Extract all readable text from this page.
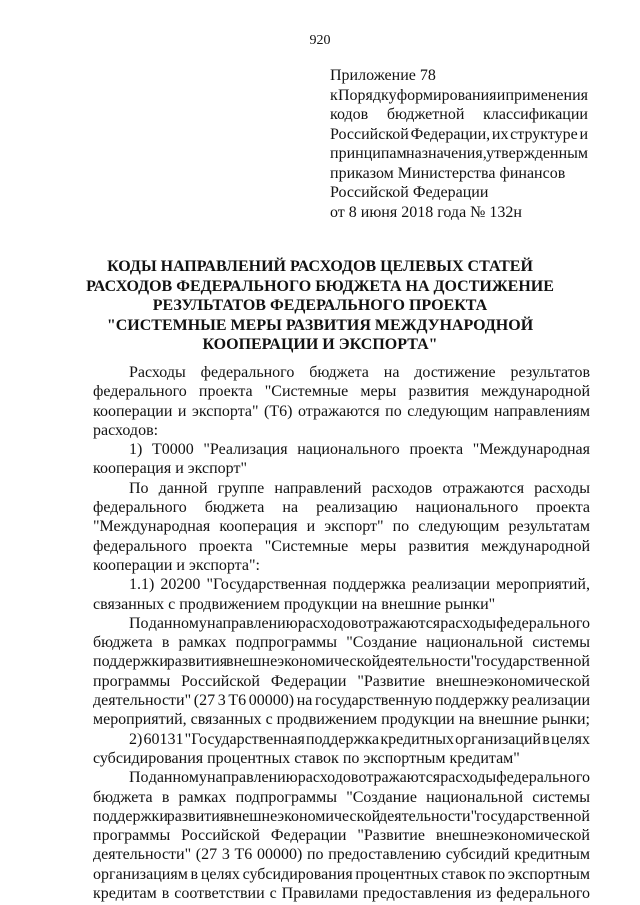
920
Приложение 78
к Порядку формирования и применения
кодов бюджетной классификации
Российской Федерации, их структуре и
принципам назначения, утвержденным
приказом Министерства финансов
Российской Федерации
от 8 июня 2018 года № 132н
КОДЫ НАПРАВЛЕНИЙ РАСХОДОВ ЦЕЛЕВЫХ СТАТЕЙ
РАСХОДОВ ФЕДЕРАЛЬНОГО БЮДЖЕТА НА ДОСТИЖЕНИЕ
РЕЗУЛЬТАТОВ ФЕДЕРАЛЬНОГО ПРОЕКТА
"СИСТЕМНЫЕ МЕРЫ РАЗВИТИЯ МЕЖДУНАРОДНОЙ
КООПЕРАЦИИ И ЭКСПОРТА"
Расходы федерального бюджета на достижение результатов
федерального проекта "Системные меры развития международной
кооперации и экспорта" (Т6) отражаются по следующим направлениям
расходов:
1) Т0000 "Реализация национального проекта "Международная
кооперация и экспорт"
По данной группе направлений расходов отражаются расходы
федерального бюджета на реализацию национального проекта
"Международная кооперация и экспорт" по следующим результатам
федерального проекта "Системные меры развития международной
кооперации и экспорта":
1.1) 20200 "Государственная поддержка реализации мероприятий,
связанных с продвижением продукции на внешние рынки"
По данному направлению расходов отражаются расходы федерального
бюджета в рамках подпрограммы "Создание национальной системы
поддержки развития внешнеэкономической деятельности" государственной
программы Российской Федерации "Развитие внешнеэкономической
деятельности" (27 3 Т6 00000) на государственную поддержку реализации
мероприятий, связанных с продвижением продукции на внешние рынки;
2) 60131 "Государственная поддержка кредитных организаций в целях
субсидирования процентных ставок по экспортным кредитам"
По данному направлению расходов отражаются расходы федерального
бюджета в рамках подпрограммы "Создание национальной системы
поддержки развития внешнеэкономической деятельности" государственной
программы Российской Федерации "Развитие внешнеэкономической
деятельности" (27 3 Т6 00000) по предоставлению субсидий кредитным
организациям в целях субсидирования процентных ставок по экспортным
кредитам в соответствии с Правилами предоставления из федерального
